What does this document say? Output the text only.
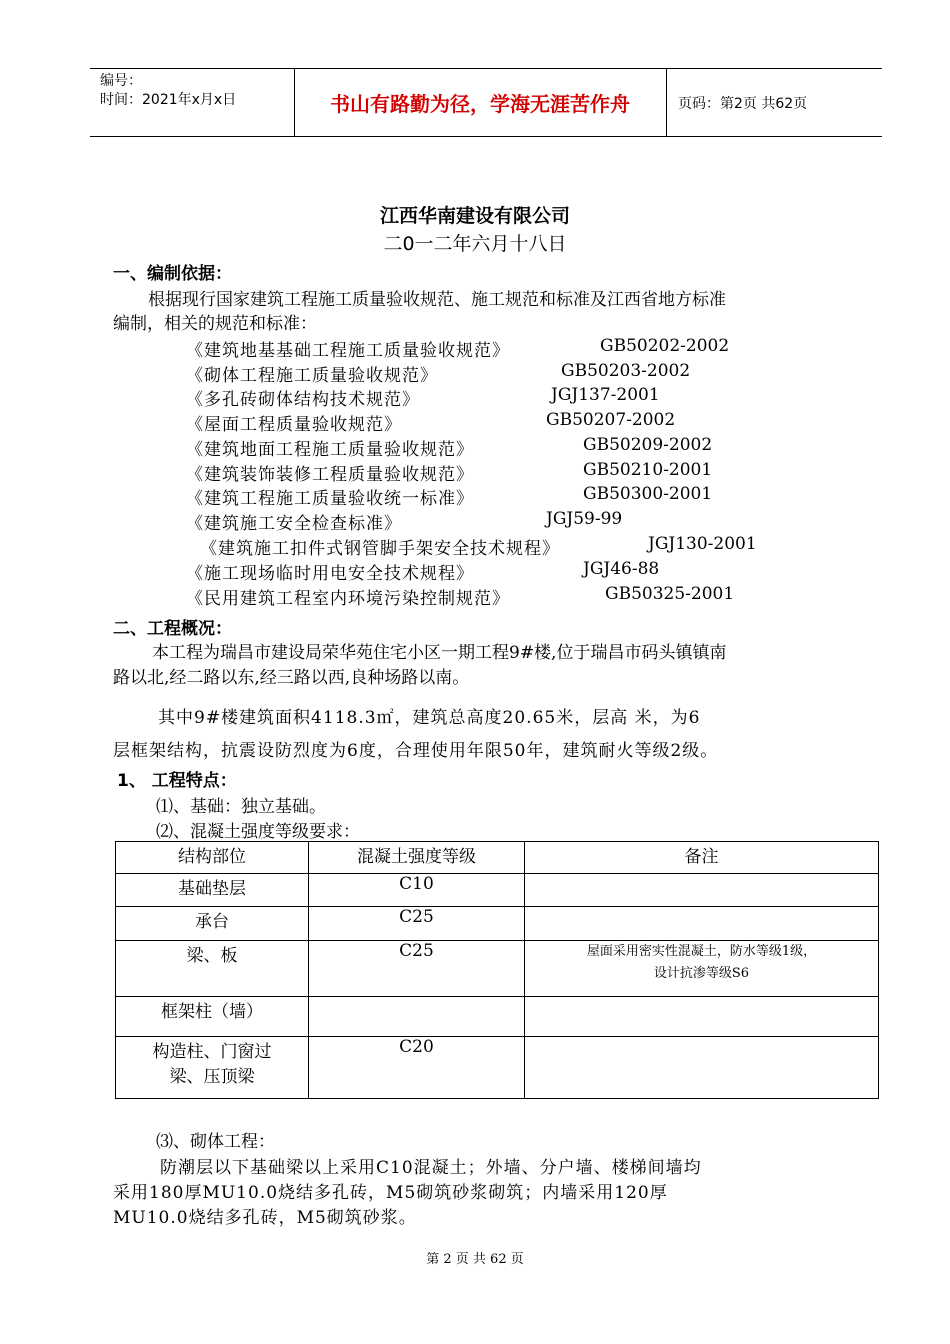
编号：
时间：2021年x月x日	书山有路勤为径，学海无涯苦作舟	页码：第2页 共62页
江西华南建设有限公司
二0一二年六月十八日
一、编制依据：
根据现行国家建筑工程施工质量验收规范、施工规范和标准及江西省地方标准
编制，相关的规范和标准：
《建筑地基基础工程施工质量验收规范》	GB50202-2002
《砌体工程施工质量验收规范》	GB50203-2002
《多孔砖砌体结构技术规范》	JGJ137-2001
《屋面工程质量验收规范》	GB50207-2002
《建筑地面工程施工质量验收规范》	GB50209-2002
《建筑装饰装修工程质量验收规范》	GB50210-2001
《建筑工程施工质量验收统一标准》	GB50300-2001
《建筑施工安全检查标准》	JGJ59-99
《建筑施工扣件式钢管脚手架安全技术规程》	JGJ130-2001
《施工现场临时用电安全技术规程》	JGJ46-88
《民用建筑工程室内环境污染控制规范》	GB50325-2001
二、工程概况：
本工程为瑞昌市建设局荣华苑住宅小区一期工程9#楼,位于瑞昌市码头镇镇南
路以北,经二路以东,经三路以西,良种场路以南。
其中9#楼建筑面积4118.3㎡，建筑总高度20.65米，层高 米，为6
层框架结构，抗震设防烈度为6度，合理使用年限50年，建筑耐火等级2级。
1、 工程特点：
⑴、基础：独立基础。
⑵、混凝土强度等级要求：
结构部位	混凝土强度等级	备注
基础垫层	C10	
承台	C25	
梁、板	C25	屋面采用密实性混凝土，防水等级1级，
设计抗渗等级S6

框架柱（墙）		

构造柱、门窗过
梁、压顶梁	C20	
⑶、砌体工程：
防潮层以下基础梁以上采用C10混凝土；外墙、分户墙、楼梯间墙均
采用180厚MU10.0烧结多孔砖，M5砌筑砂浆砌筑；内墙采用120厚
MU10.0烧结多孔砖，M5砌筑砂浆。
第 2 页 共 62 页
